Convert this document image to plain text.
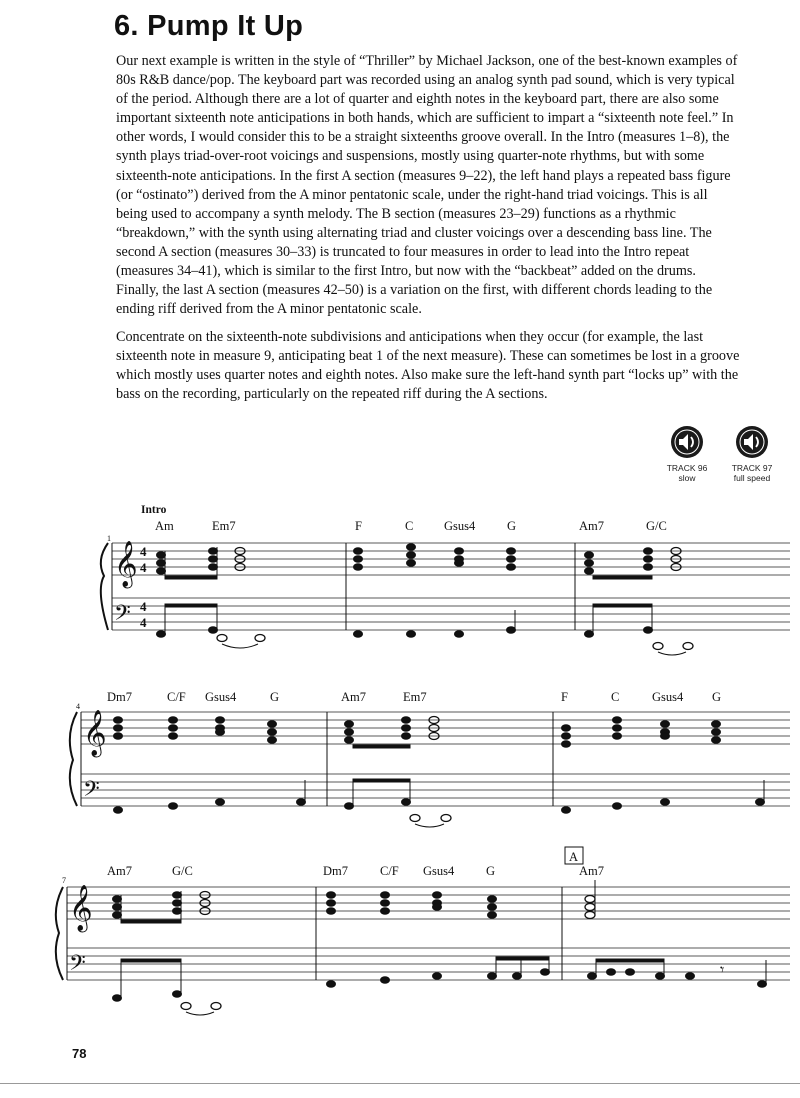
6. Pump It Up

Our next example is written in the style of “Thriller” by Michael Jackson, one of the best-known examples of 80s R&B dance/pop. The keyboard part was recorded using an analog synth pad sound, which is very typical of the period. Although there are a lot of quarter and eighth notes in the keyboard part, there are also some important sixteenth note anticipations in both hands, which are sufficient to impart a “sixteenth note feel.” In other words, I would consider this to be a straight sixteenths groove overall. In the Intro (measures 1–8), the synth plays triad-over-root voicings and suspensions, mostly using quarter-note rhythms, but with some sixteenth-note anticipations. In the first A section (measures 9–22), the left hand plays a repeated bass figure (or “ostinato”) derived from the A minor pentatonic scale, under the right-hand triad voicings. This is all being used to accompany a synth melody. The B section (measures 23–29) functions as a rhythmic “breakdown,” with the synth using alternating triad and cluster voicings over a descending bass line. The second A section (measures 30–33) is truncated to four measures in order to lead into the Intro repeat (measures 34–41), which is similar to the first Intro, but now with the “backbeat” added on the drums. Finally, the last A section (measures 42–50) is a variation on the first, with different chords leading to the ending riff derived from the A minor pentatonic scale.

Concentrate on the sixteenth-note subdivisions and anticipations when they occur (for example, the last sixteenth note in measure 9, anticipating beat 1 of the next measure). These can sometimes be lost in a groove which mostly uses quarter notes and eighth notes. Also make sure the left-hand synth part “locks up” with the bass on the recording, particularly on the repeated riff during the A sections.

TRACK 96
slow
TRACK 97
full speed
Intro
1
Am	Em7	F	C Gsus4	G	Am7	G/C
𝄞
𝄢
4
4
4
4
4
Dm7	C/F Gsus4	G	Am7	Em7	F	C	Gsus4 G
𝄞
𝄢
7
A
Am7	G/C	Dm7	C/F Gsus4	G	Am7
𝄞
𝄢	𝄾
78
